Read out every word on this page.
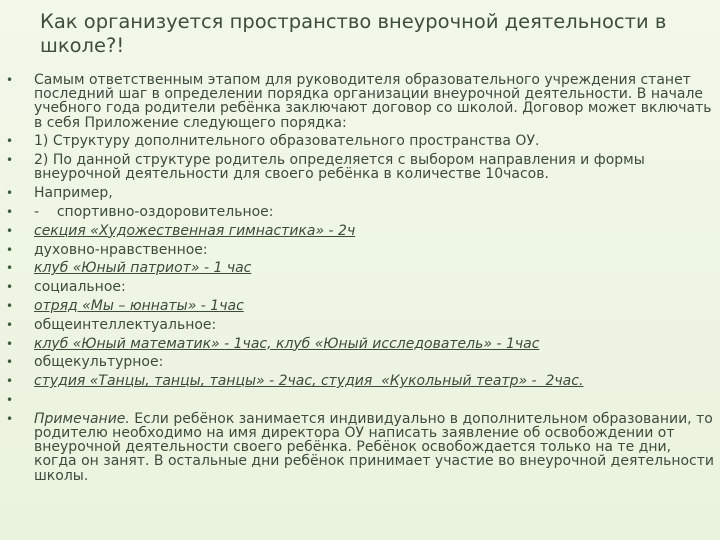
Как организуется пространство внеурочной деятельности в школе?!
• Самым ответственным этапом для руководителя образовательного учреждения станет последний шаг в определении порядка организации внеурочной деятельности. В начале учебного года родители ребёнка заключают договор со школой. Договор может включать в себя Приложение следующего порядка:
• 1) Структуру дополнительного образовательного пространства ОУ.
• 2) По данной структуре родитель определяется с выбором направления и формы внеурочной деятельности для своего ребёнка в количестве 10часов.
• Например,
• -    спортивно-оздоровительное:
• секция «Художественная гимнастика» - 2ч
• духовно-нравственное:
• клуб «Юный патриот» - 1 час
• социальное:
• отряд «Мы – юннаты» - 1час
• общеинтеллектуальное:
• клуб «Юный математик» - 1час, клуб «Юный исследователь» - 1час
• общекультурное:
• студия «Танцы, танцы, танцы» - 2час, студия  «Кукольный театр» -  2час.
•

• Примечание. Если ребёнок занимается индивидуально в дополнительном образовании, то родителю необходимо на имя директора ОУ написать заявление об освобождении от внеурочной деятельности своего ребёнка. Ребёнок освобождается только на те дни, когда он занят. В остальные дни ребёнок принимает участие во внеурочной деятельности школы.
